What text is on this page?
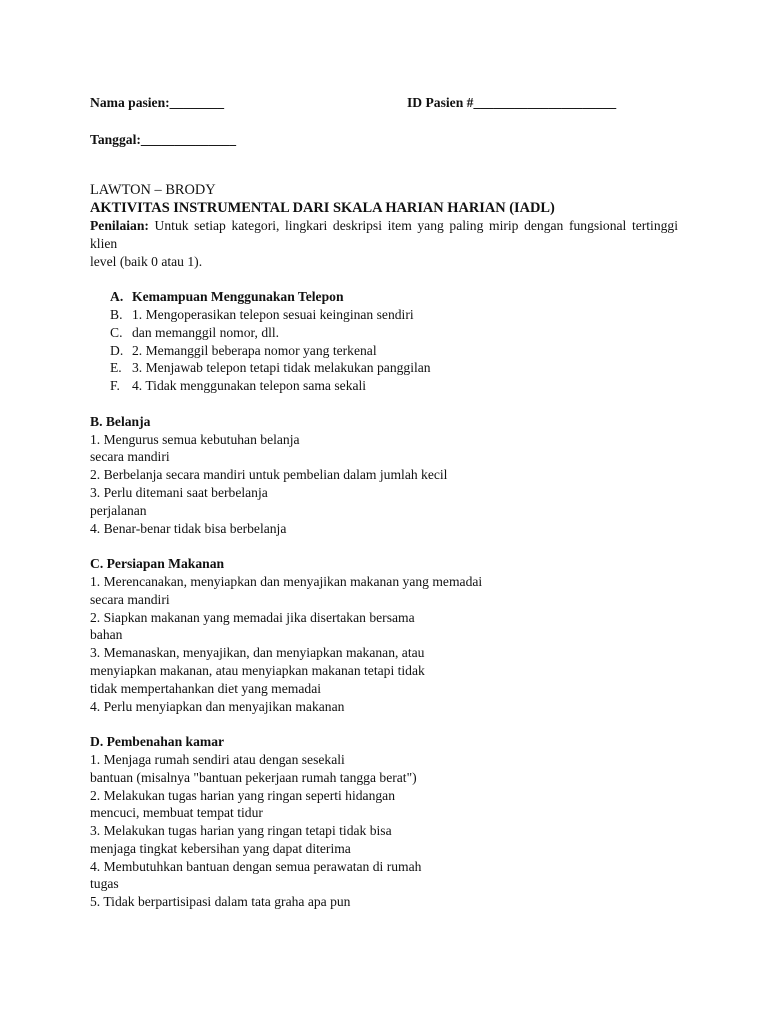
Nama pasien:________	ID Pasien #_____________________
Tanggal:______________
LAWTON – BRODY
AKTIVITAS INSTRUMENTAL DARI SKALA HARIAN HARIAN (IADL)
Penilaian: Untuk setiap kategori, lingkari deskripsi item yang paling mirip dengan fungsional tertinggi klien
level (baik 0 atau 1).
A. Kemampuan Menggunakan Telepon
B. 1. Mengoperasikan telepon sesuai keinginan sendiri
C. dan memanggil nomor, dll.
D. 2. Memanggil beberapa nomor yang terkenal
E. 3. Menjawab telepon tetapi tidak melakukan panggilan
F. 4. Tidak menggunakan telepon sama sekali
B. Belanja
1. Mengurus semua kebutuhan belanja
secara mandiri
2. Berbelanja secara mandiri untuk pembelian dalam jumlah kecil
3. Perlu ditemani saat berbelanja
perjalanan
4. Benar-benar tidak bisa berbelanja
C. Persiapan Makanan
1. Merencanakan, menyiapkan dan menyajikan makanan yang memadai
secara mandiri
2. Siapkan makanan yang memadai jika disertakan bersama
bahan
3. Memanaskan, menyajikan, dan menyiapkan makanan, atau
menyiapkan makanan, atau menyiapkan makanan tetapi tidak
tidak mempertahankan diet yang memadai
4. Perlu menyiapkan dan menyajikan makanan
D. Pembenahan kamar
1. Menjaga rumah sendiri atau dengan sesekali
bantuan (misalnya "bantuan pekerjaan rumah tangga berat")
2. Melakukan tugas harian yang ringan seperti hidangan
mencuci, membuat tempat tidur
3. Melakukan tugas harian yang ringan tetapi tidak bisa
menjaga tingkat kebersihan yang dapat diterima
4. Membutuhkan bantuan dengan semua perawatan di rumah
tugas
5. Tidak berpartisipasi dalam tata graha apa pun
